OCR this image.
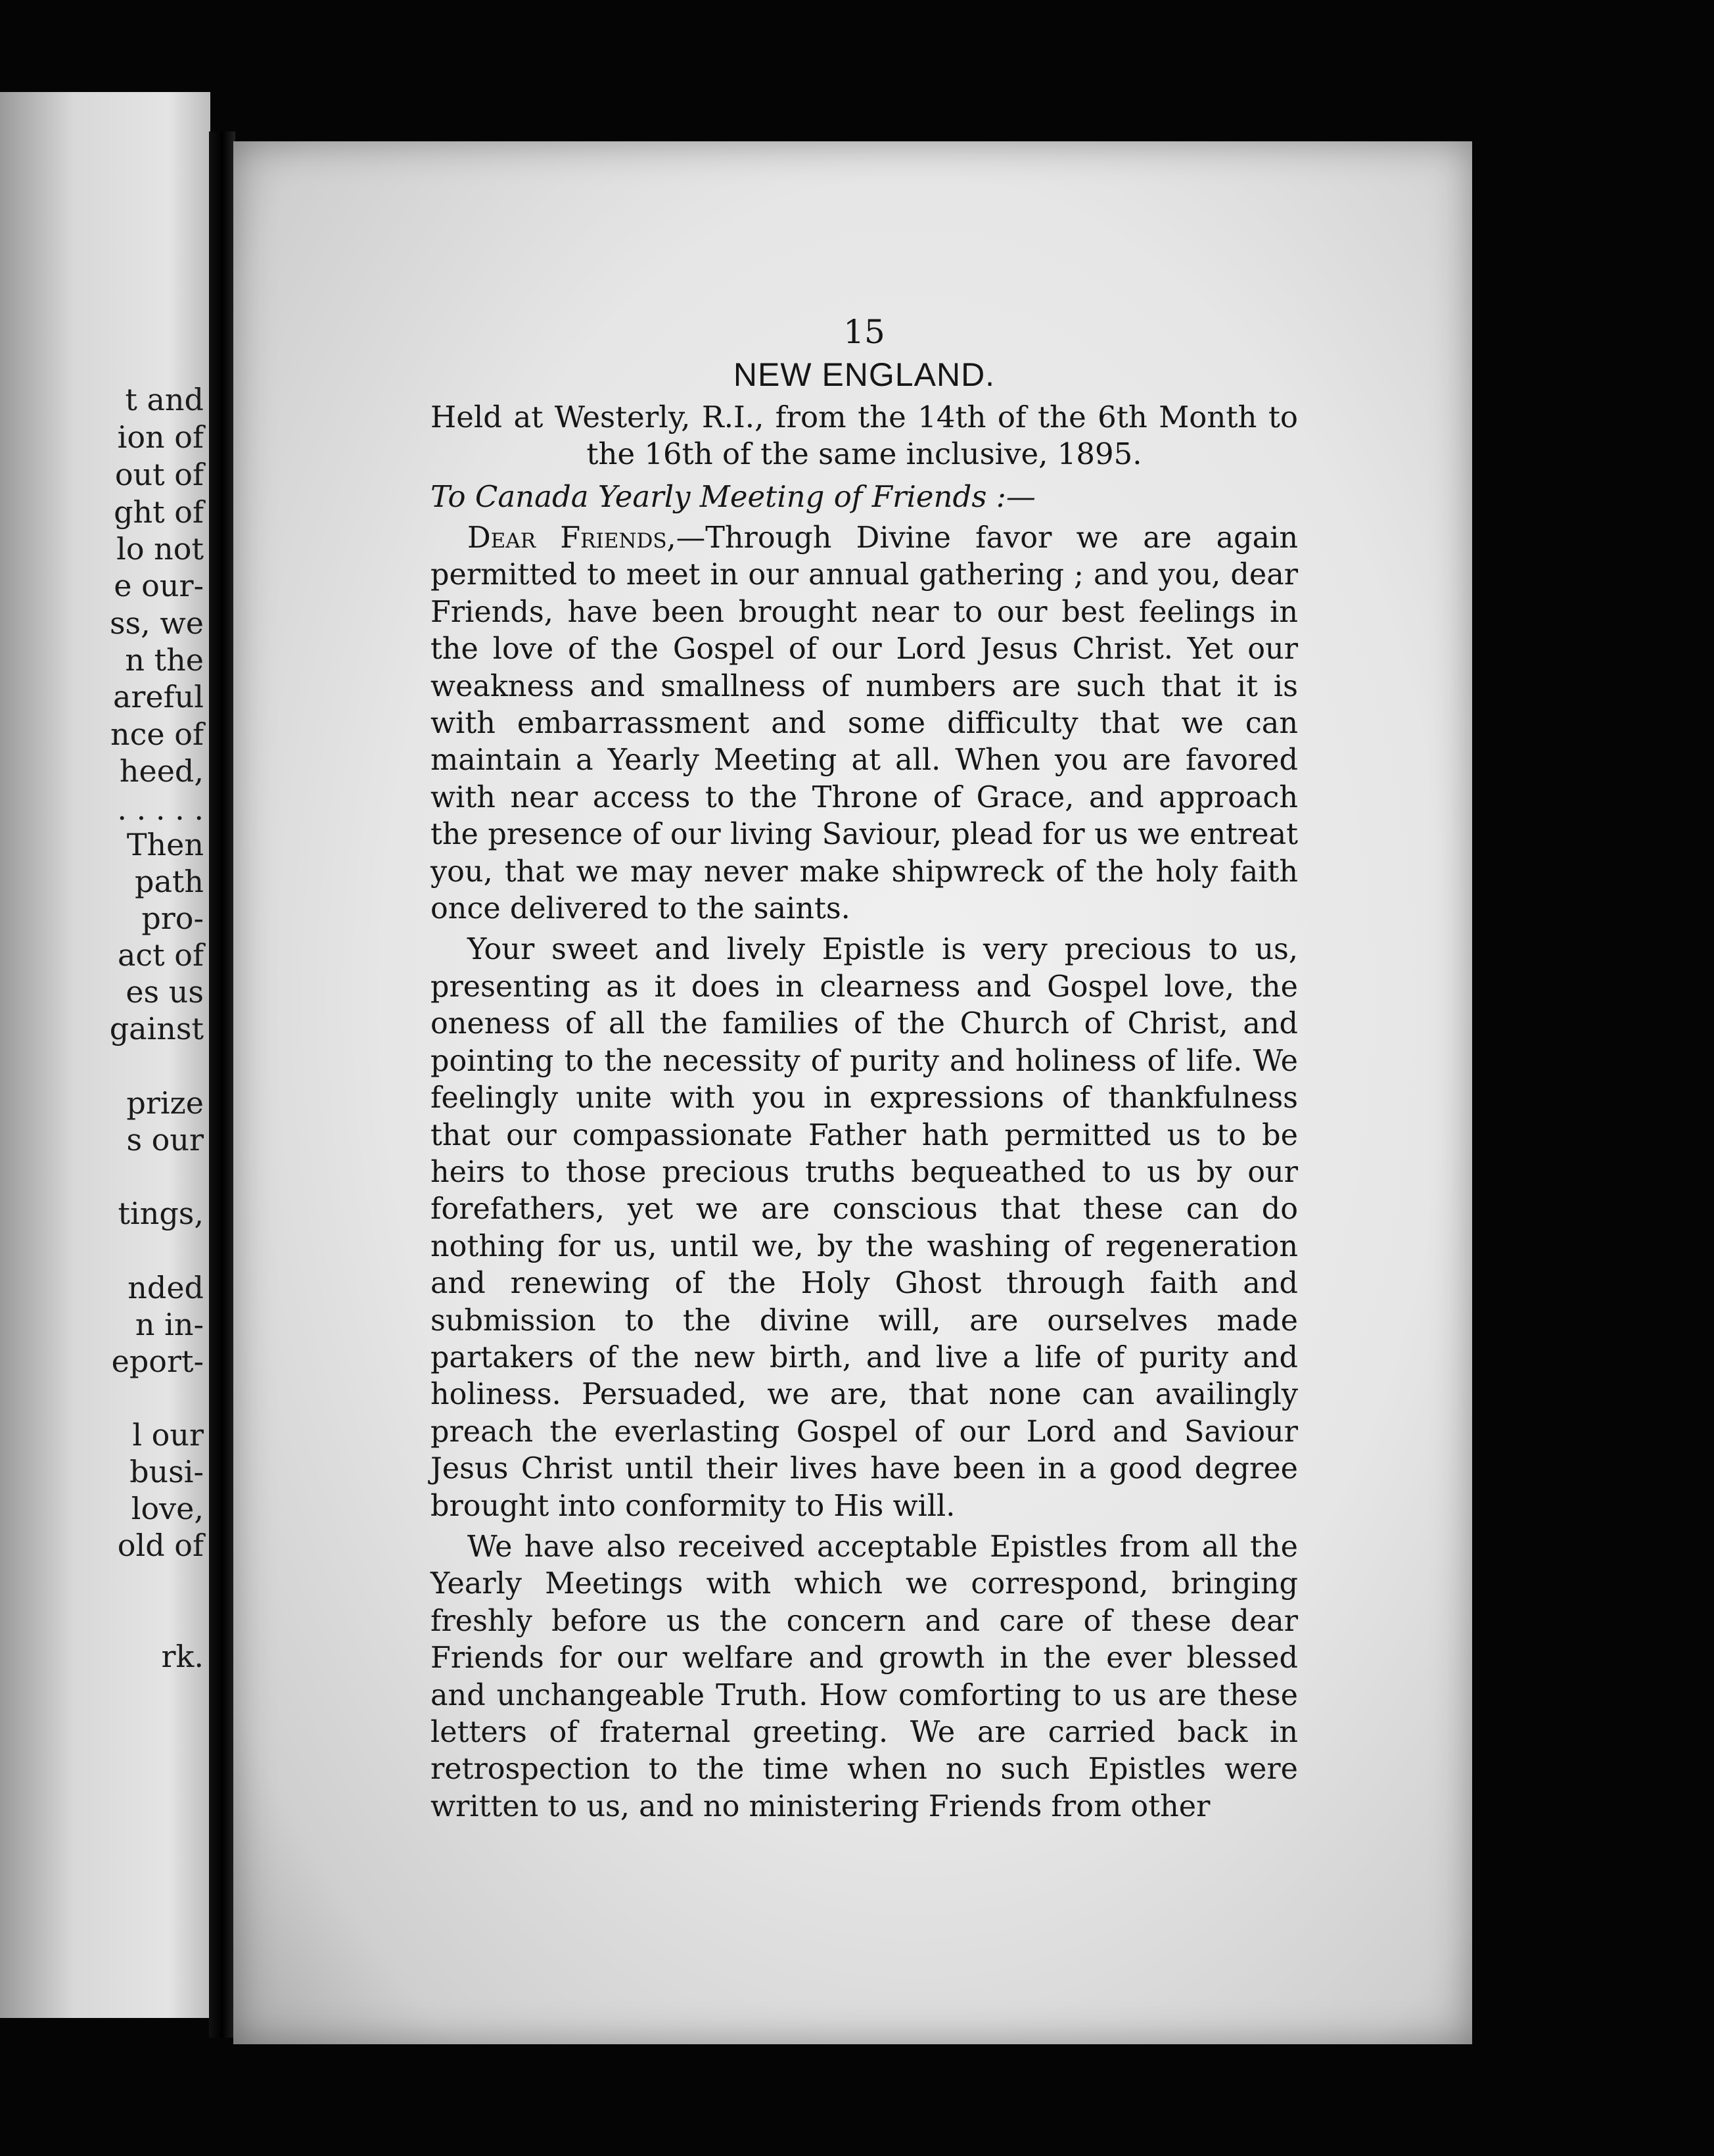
t and
ion of
out of
ght of
lo not
e our-
ss, we
n the
areful
nce of
heed,
. . . . .
Then
path
pro-
act of
es us
gainst
prize
s our
tings,
nded
n in-
eport-
l our
busi-
love,
old of
rk.
15
NEW ENGLAND.
Held at Westerly, R.I., from the 14th of the 6th Month to the 16th of the same inclusive, 1895.
To Canada Yearly Meeting of Friends :—

Dear Friends,—Through Divine favor we are again permitted to meet in our annual gathering ; and you, dear Friends, have been brought near to our best feelings in the love of the Gospel of our Lord Jesus Christ. Yet our weakness and smallness of numbers are such that it is with embarrassment and some difficulty that we can maintain a Yearly Meeting at all. When you are favored with near access to the Throne of Grace, and approach the presence of our living Saviour, plead for us we entreat you, that we may never make shipwreck of the holy faith once delivered to the saints.

Your sweet and lively Epistle is very precious to us, presenting as it does in clearness and Gospel love, the oneness of all the families of the Church of Christ, and pointing to the necessity of purity and holiness of life. We feelingly unite with you in expressions of thankfulness that our compassionate Father hath permitted us to be heirs to those precious truths bequeathed to us by our forefathers, yet we are conscious that these can do nothing for us, until we, by the washing of regeneration and renewing of the Holy Ghost through faith and submission to the divine will, are ourselves made partakers of the new birth, and live a life of purity and holiness. Persuaded, we are, that none can availingly preach the everlasting Gospel of our Lord and Saviour Jesus Christ until their lives have been in a good degree brought into conformity to His will.

We have also received acceptable Epistles from all the Yearly Meetings with which we correspond, bringing freshly before us the concern and care of these dear Friends for our welfare and growth in the ever blessed and unchangeable Truth. How comforting to us are these letters of fraternal greeting. We are carried back in retrospection to the time when no such Epistles were written to us, and no ministering Friends from other
